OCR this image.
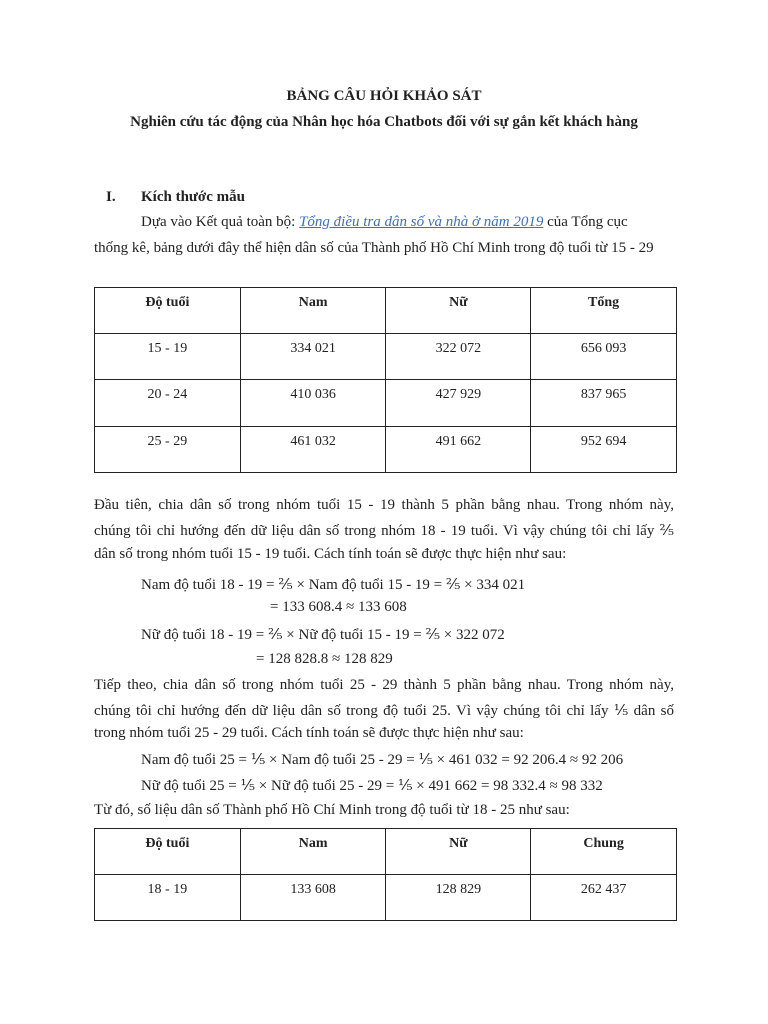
BẢNG CÂU HỎI KHẢO SÁT
Nghiên cứu tác động của Nhân học hóa Chatbots đối với sự gắn kết khách hàng
I. Kích thước mẫu
Dựa vào Kết quả toàn bộ: Tổng điều tra dân số và nhà ở năm 2019 của Tổng cục
thống kê, bảng dưới đây thể hiện dân số của Thành phố Hồ Chí Minh trong độ tuổi từ 15 - 29
Độ tuổi	Nam	Nữ	Tổng

15 - 19	334 021	322 072	656 093

20 - 24	410 036	427 929	837 965

25 - 29	461 032	491 662	952 694
Đầu tiên, chia dân số trong nhóm tuổi 15 - 19 thành 5 phần bằng nhau. Trong nhóm này,
chúng tôi chỉ hướng đến dữ liệu dân số trong nhóm 18 - 19 tuổi. Vì vậy chúng tôi chỉ lấy ⅖
dân số trong nhóm tuổi 15 - 19 tuổi. Cách tính toán sẽ được thực hiện như sau:
Nam độ tuổi 18 - 19 = ⅖ × Nam độ tuổi 15 - 19 = ⅖ × 334 021
= 133 608.4 ≈ 133 608
Nữ độ tuổi 18 - 19 = ⅖ × Nữ độ tuổi 15 - 19 = ⅖ × 322 072
= 128 828.8 ≈ 128 829
Tiếp theo, chia dân số trong nhóm tuổi 25 - 29 thành 5 phần bằng nhau. Trong nhóm này,
chúng tôi chỉ hướng đến dữ liệu dân số trong độ tuổi 25. Vì vậy chúng tôi chỉ lấy ⅕ dân số
trong nhóm tuổi 25 - 29 tuổi. Cách tính toán sẽ được thực hiện như sau:
Nam độ tuổi 25 = ⅕ × Nam độ tuổi 25 - 29 = ⅕ × 461 032 = 92 206.4 ≈ 92 206
Nữ độ tuổi 25 = ⅕ × Nữ độ tuổi 25 - 29 = ⅕ × 491 662 = 98 332.4 ≈ 98 332
Từ đó, số liệu dân số Thành phố Hồ Chí Minh trong độ tuổi từ 18 - 25 như sau:
Độ tuổi	Nam	Nữ	Chung

18 - 19	133 608	128 829	262 437
